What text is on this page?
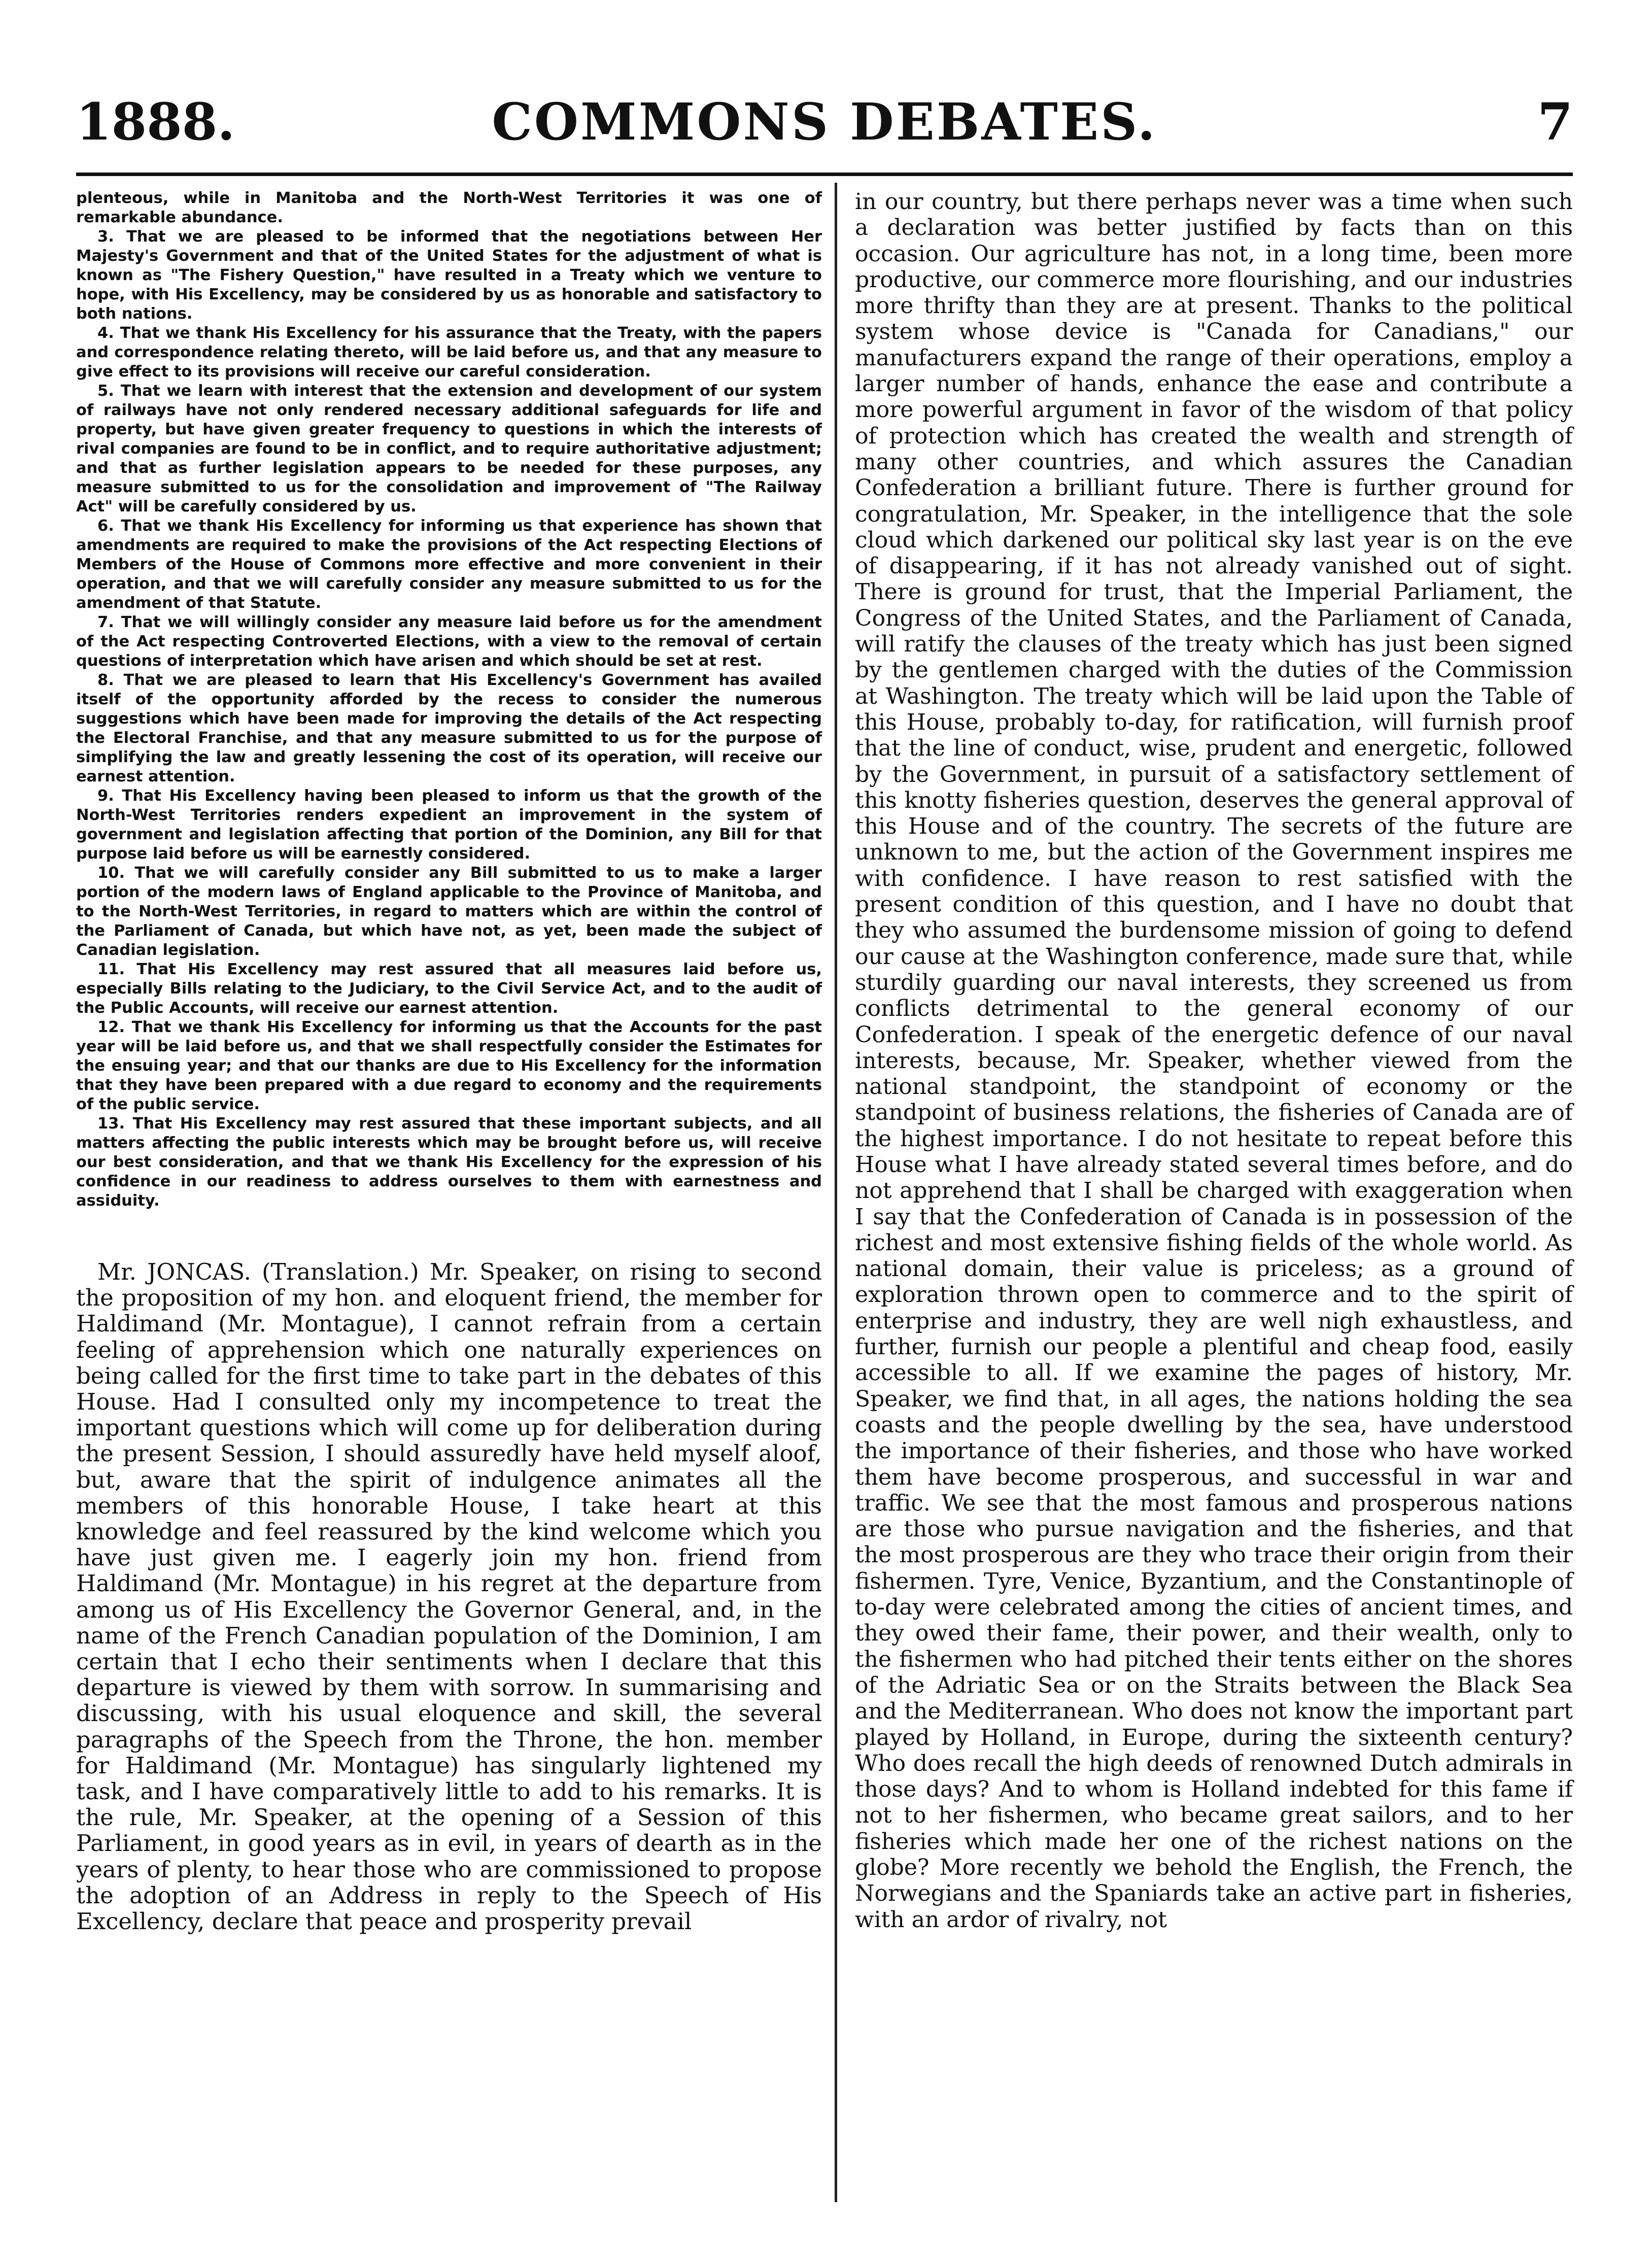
COMMONS DEBATES.
1888.	7

plenteous, while in Manitoba and the North-West Territories it was one of remarkable abundance.

3. That we are pleased to be informed that the negotiations between Her Majesty's Government and that of the United States for the adjustment of what is known as "The Fishery Question," have resulted in a Treaty which we venture to hope, with His Excellency, may be considered by us as honorable and satisfactory to both nations.

4. That we thank His Excellency for his assurance that the Treaty, with the papers and correspondence relating thereto, will be laid before us, and that any measure to give effect to its provisions will receive our careful consideration.

5. That we learn with interest that the extension and development of our system of railways have not only rendered necessary additional safeguards for life and property, but have given greater frequency to questions in which the interests of rival companies are found to be in conflict, and to require authoritative adjustment; and that as further legislation appears to be needed for these purposes, any measure submitted to us for the consolidation and improvement of "The Railway Act" will be carefully considered by us.

6. That we thank His Excellency for informing us that experience has shown that amendments are required to make the provisions of the Act respecting Elections of Members of the House of Commons more effective and more convenient in their operation, and that we will carefully consider any measure submitted to us for the amendment of that Statute.

7. That we will willingly consider any measure laid before us for the amendment of the Act respecting Controverted Elections, with a view to the removal of certain questions of interpretation which have arisen and which should be set at rest.

8. That we are pleased to learn that His Excellency's Government has availed itself of the opportunity afforded by the recess to consider the numerous suggestions which have been made for improving the details of the Act respecting the Electoral Franchise, and that any measure submitted to us for the purpose of simplifying the law and greatly lessening the cost of its operation, will receive our earnest attention.

9. That His Excellency having been pleased to inform us that the growth of the North-West Territories renders expedient an improvement in the system of government and legislation affecting that portion of the Dominion, any Bill for that purpose laid before us will be earnestly considered.

10. That we will carefully consider any Bill submitted to us to make a larger portion of the modern laws of England applicable to the Province of Manitoba, and to the North-West Territories, in regard to matters which are within the control of the Parliament of Canada, but which have not, as yet, been made the subject of Canadian legislation.

11. That His Excellency may rest assured that all measures laid before us, especially Bills relating to the Judiciary, to the Civil Service Act, and to the audit of the Public Accounts, will receive our earnest attention.

12. That we thank His Excellency for informing us that the Accounts for the past year will be laid before us, and that we shall respectfully consider the Estimates for the ensuing year; and that our thanks are due to His Excellency for the information that they have been prepared with a due regard to economy and the requirements of the public service.

13. That His Excellency may rest assured that these important subjects, and all matters affecting the public interests which may be brought before us, will receive our best consideration, and that we thank His Excellency for the expression of his confidence in our readiness to address ourselves to them with earnestness and assiduity.

Mr. JONCAS. (Translation.) Mr. Speaker, on rising to second the proposition of my hon. and eloquent friend, the member for Haldimand (Mr. Montague), I cannot refrain from a certain feeling of apprehension which one naturally experiences on being called for the first time to take part in the debates of this House. Had I consulted only my incompetence to treat the important questions which will come up for deliberation during the present Session, I should assuredly have held myself aloof, but, aware that the spirit of indulgence animates all the members of this honorable House, I take heart at this knowledge and feel reassured by the kind welcome which you have just given me. I eagerly join my hon. friend from Haldimand (Mr. Montague) in his regret at the departure from among us of His Excellency the Governor General, and, in the name of the French Canadian population of the Dominion, I am certain that I echo their sentiments when I declare that this departure is viewed by them with sorrow. In summarising and discussing, with his usual eloquence and skill, the several paragraphs of the Speech from the Throne, the hon. member for Haldimand (Mr. Montague) has singularly lightened my task, and I have comparatively little to add to his remarks. It is the rule, Mr. Speaker, at the opening of a Session of this Parliament, in good years as in evil, in years of dearth as in the years of plenty, to hear those who are commissioned to propose the adoption of an Address in reply to the Speech of His Excellency, declare that peace and prosperity prevail

in our country, but there perhaps never was a time when such a declaration was better justified by facts than on this occasion. Our agriculture has not, in a long time, been more productive, our commerce more flourishing, and our industries more thrifty than they are at present. Thanks to the political system whose device is "Canada for Canadians," our manufacturers expand the range of their operations, employ a larger number of hands, enhance the ease and contribute a more powerful argument in favor of the wisdom of that policy of protection which has created the wealth and strength of many other countries, and which assures the Canadian Confederation a brilliant future. There is further ground for congratulation, Mr. Speaker, in the intelligence that the sole cloud which darkened our political sky last year is on the eve of disappearing, if it has not already vanished out of sight. There is ground for trust, that the Imperial Parliament, the Congress of the United States, and the Parliament of Canada, will ratify the clauses of the treaty which has just been signed by the gentlemen charged with the duties of the Commission at Washington. The treaty which will be laid upon the Table of this House, probably to-day, for ratification, will furnish proof that the line of conduct, wise, prudent and energetic, followed by the Government, in pursuit of a satisfactory settlement of this knotty fisheries question, deserves the general approval of this House and of the country. The secrets of the future are unknown to me, but the action of the Government inspires me with confidence. I have reason to rest satisfied with the present condition of this question, and I have no doubt that they who assumed the burdensome mission of going to defend our cause at the Washington conference, made sure that, while sturdily guarding our naval interests, they screened us from conflicts detrimental to the general economy of our Confederation. I speak of the energetic defence of our naval interests, because, Mr. Speaker, whether viewed from the national standpoint, the standpoint of economy or the standpoint of business relations, the fisheries of Canada are of the highest importance. I do not hesitate to repeat before this House what I have already stated several times before, and do not apprehend that I shall be charged with exaggeration when I say that the Confederation of Canada is in possession of the richest and most extensive fishing fields of the whole world. As national domain, their value is priceless; as a ground of exploration thrown open to commerce and to the spirit of enterprise and industry, they are well nigh exhaustless, and further, furnish our people a plentiful and cheap food, easily accessible to all. If we examine the pages of history, Mr. Speaker, we find that, in all ages, the nations holding the sea coasts and the people dwelling by the sea, have understood the importance of their fisheries, and those who have worked them have become prosperous, and successful in war and traffic. We see that the most famous and prosperous nations are those who pursue navigation and the fisheries, and that the most prosperous are they who trace their origin from their fishermen. Tyre, Venice, Byzantium, and the Constantinople of to-day were celebrated among the cities of ancient times, and they owed their fame, their power, and their wealth, only to the fishermen who had pitched their tents either on the shores of the Adriatic Sea or on the Straits between the Black Sea and the Mediterranean. Who does not know the important part played by Holland, in Europe, during the sixteenth century? Who does recall the high deeds of renowned Dutch admirals in those days? And to whom is Holland indebted for this fame if not to her fishermen, who became great sailors, and to her fisheries which made her one of the richest nations on the globe? More recently we behold the English, the French, the Norwegians and the Spaniards take an active part in fisheries, with an ardor of rivalry, not
